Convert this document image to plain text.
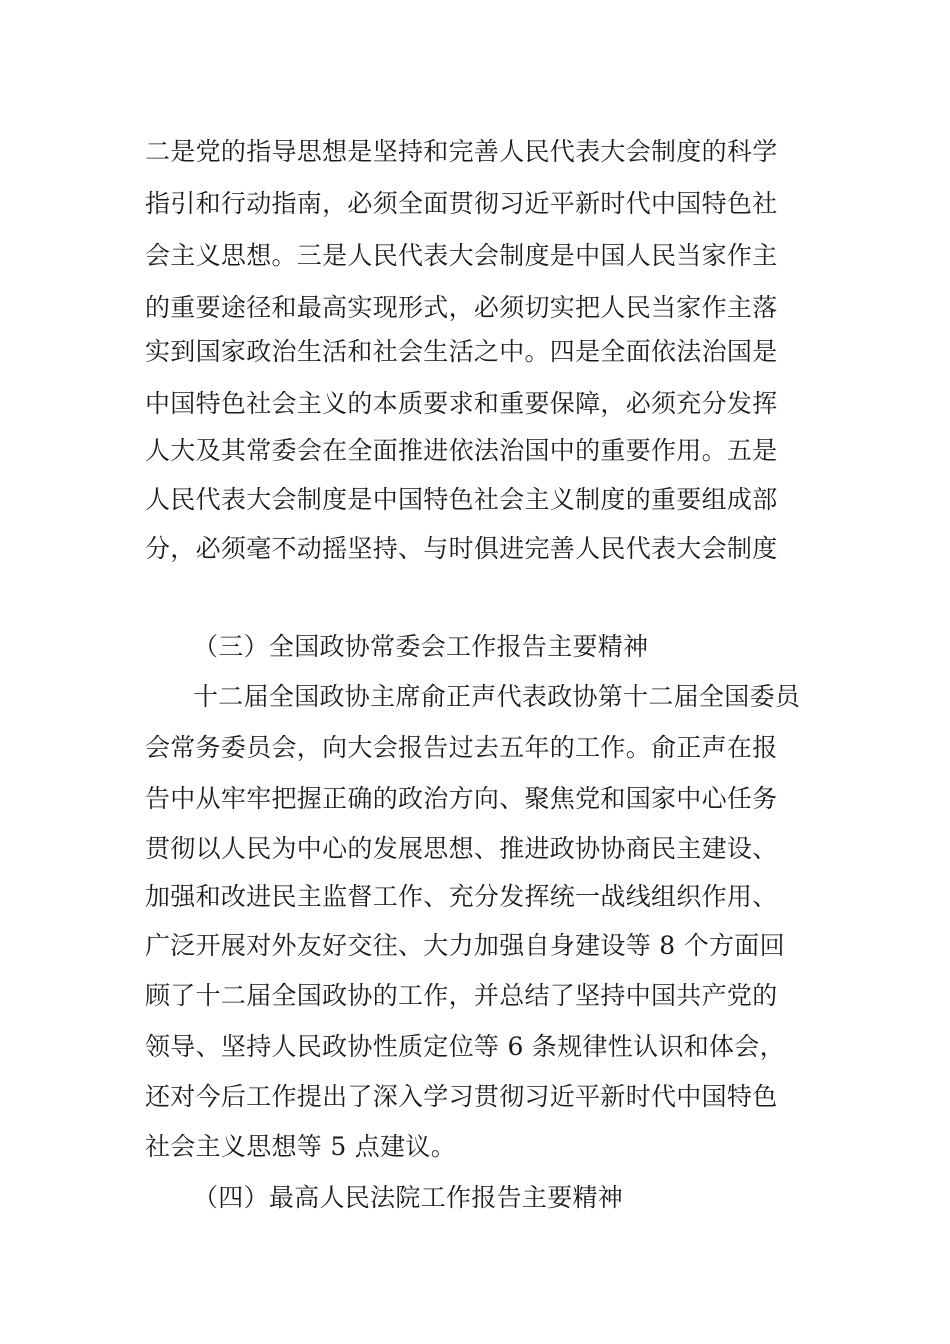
二是党的指导思想是坚持和完善人民代表大会制度的科学
指引和行动指南，必须全面贯彻习近平新时代中国特色社
会主义思想。三是人民代表大会制度是中国人民当家作主
的重要途径和最高实现形式，必须切实把人民当家作主落
实到国家政治生活和社会生活之中。四是全面依法治国是
中国特色社会主义的本质要求和重要保障，必须充分发挥
人大及其常委会在全面推进依法治国中的重要作用。五是
人民代表大会制度是中国特色社会主义制度的重要组成部
分，必须毫不动摇坚持、与时俱进完善人民代表大会制度
（三）全国政协常委会工作报告主要精神
十二届全国政协主席俞正声代表政协第十二届全国委员
会常务委员会，向大会报告过去五年的工作。俞正声在报
告中从牢牢把握正确的政治方向、聚焦党和国家中心任务
贯彻以人民为中心的发展思想、推进政协协商民主建设、
加强和改进民主监督工作、充分发挥统一战线组织作用、
广泛开展对外友好交往、大力加强自身建设等 8 个方面回
顾了十二届全国政协的工作，并总结了坚持中国共产党的
领导、坚持人民政协性质定位等 6 条规律性认识和体会，
还对今后工作提出了深入学习贯彻习近平新时代中国特色
社会主义思想等 5 点建议。
（四）最高人民法院工作报告主要精神
